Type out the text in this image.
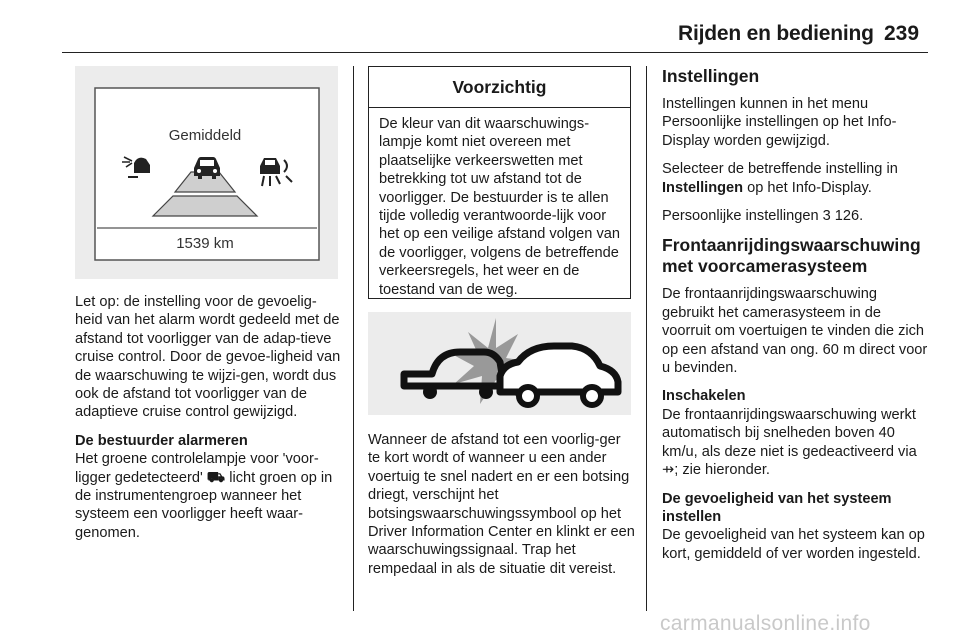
Rijden en bediening 239
Gemiddeld
1539 km

Let op: de instelling voor de gevoelig-heid van het alarm wordt gedeeld met de afstand tot voorligger van de adap-tieve cruise control. Door de gevoe-ligheid van de waarschuwing te wijzi-gen, wordt dus ook de afstand tot voorligger van de adaptieve cruise control gewijzigd.

De bestuurder alarmeren
Het groene controlelampje voor 'voor-ligger gedetecteerd' ⛟ licht groen op in de instrumentengroep wanneer het systeem een voorligger heeft waar-genomen.

Voorzichtig
De kleur van dit waarschuwings-lampje komt niet overeen met plaatselijke verkeerswetten met betrekking tot uw afstand tot de voorligger. De bestuurder is te allen tijde volledig verantwoorde-lijk voor het op een veilige afstand volgen van de voorligger, volgens de betreffende verkeersregels, het weer en de toestand van de weg.

Wanneer de afstand tot een voorlig-ger te kort wordt of wanneer u een ander voertuig te snel nadert en er een botsing driegt, verschijnt het botsingswaarschuwingssymbool op het Driver Information Center en klinkt er een waarschuwingssignaal. Trap het rempedaal in als de situatie dit vereist.

Instellingen

Instellingen kunnen in het menu Persoonlijke instellingen op het Info-Display worden gewijzigd.

Selecteer de betreffende instelling in Instellingen op het Info-Display.

Persoonlijke instellingen 3 126.

Frontaanrijdingswaarschuwing met voorcamerasysteem

De frontaanrijdingswaarschuwing gebruikt het camerasysteem in de voorruit om voertuigen te vinden die zich op een afstand van ong. 60 m direct voor u bevinden.

Inschakelen
De frontaanrijdingswaarschuwing werkt automatisch bij snelheden boven 40 km/u, als deze niet is gedeactiveerd via ⇸; zie hieronder.

De gevoeligheid van het systeem instellen
De gevoeligheid van het systeem kan op kort, gemiddeld of ver worden ingesteld.

carmanualsonline.info
